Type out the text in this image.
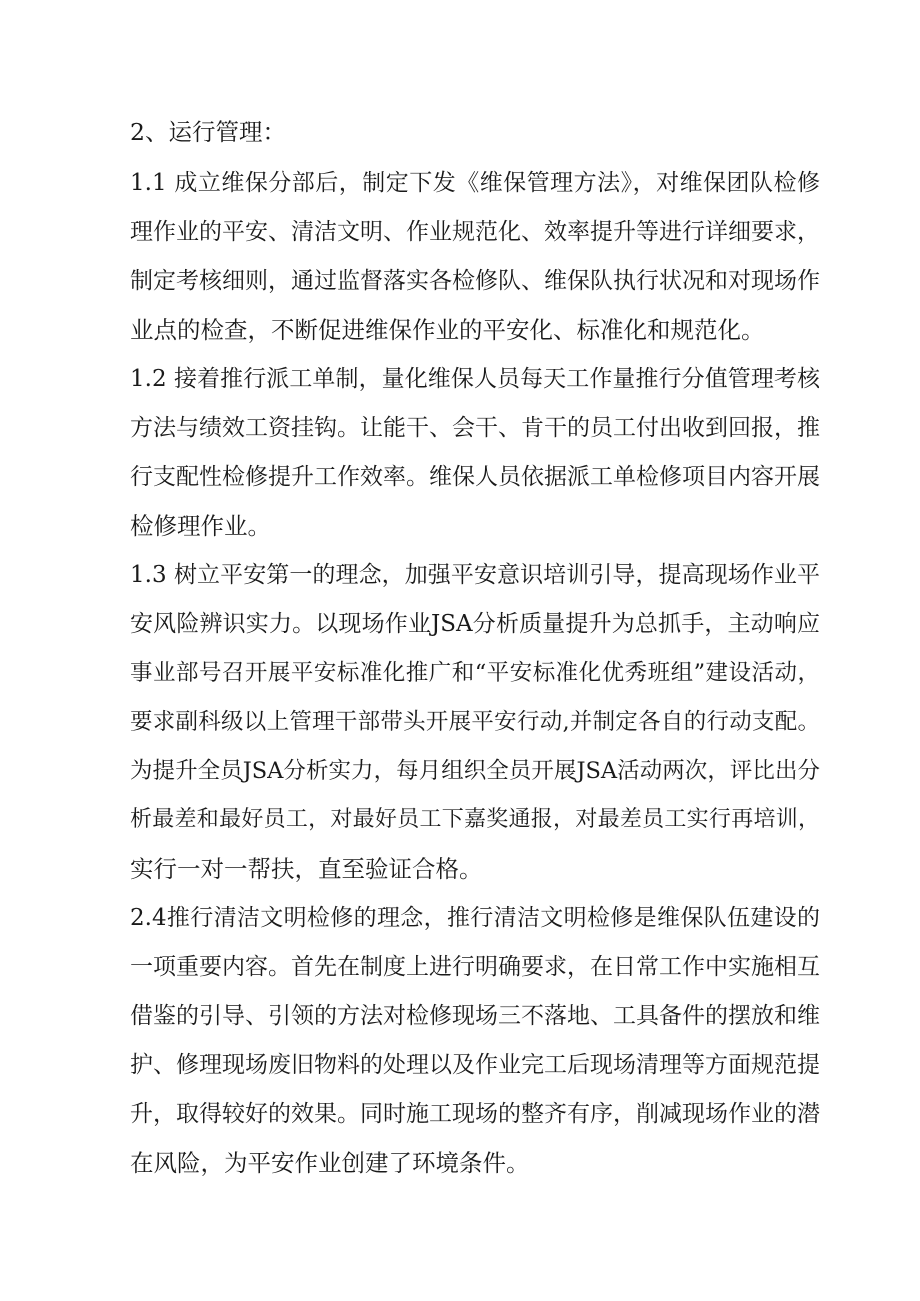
2、运行管理：
1.1 成立维保分部后，制定下发《维保管理方法》，对维保团队检修
理作业的平安、清洁文明、作业规范化、效率提升等进行详细要求，
制定考核细则，通过监督落实各检修队、维保队执行状况和对现场作
业点的检查，不断促进维保作业的平安化、标准化和规范化。
1.2 接着推行派工单制，量化维保人员每天工作量推行分值管理考核
方法与绩效工资挂钩。让能干、会干、肯干的员工付出收到回报，推
行支配性检修提升工作效率。维保人员依据派工单检修项目内容开展
检修理作业。
1.3 树立平安第一的理念，加强平安意识培训引导，提高现场作业平
安风险辨识实力。以现场作业JSA分析质量提升为总抓手，主动响应
事业部号召开展平安标准化推广和“平安标准化优秀班组”建设活动，
要求副科级以上管理干部带头开展平安行动,并制定各自的行动支配。
为提升全员JSA分析实力，每月组织全员开展JSA活动两次，评比出分
析最差和最好员工，对最好员工下嘉奖通报，对最差员工实行再培训，
实行一对一帮扶，直至验证合格。
2.4推行清洁文明检修的理念，推行清洁文明检修是维保队伍建设的
一项重要内容。首先在制度上进行明确要求，在日常工作中实施相互
借鉴的引导、引领的方法对检修现场三不落地、工具备件的摆放和维
护、修理现场废旧物料的处理以及作业完工后现场清理等方面规范提
升，取得较好的效果。同时施工现场的整齐有序，削减现场作业的潜
在风险，为平安作业创建了环境条件。
